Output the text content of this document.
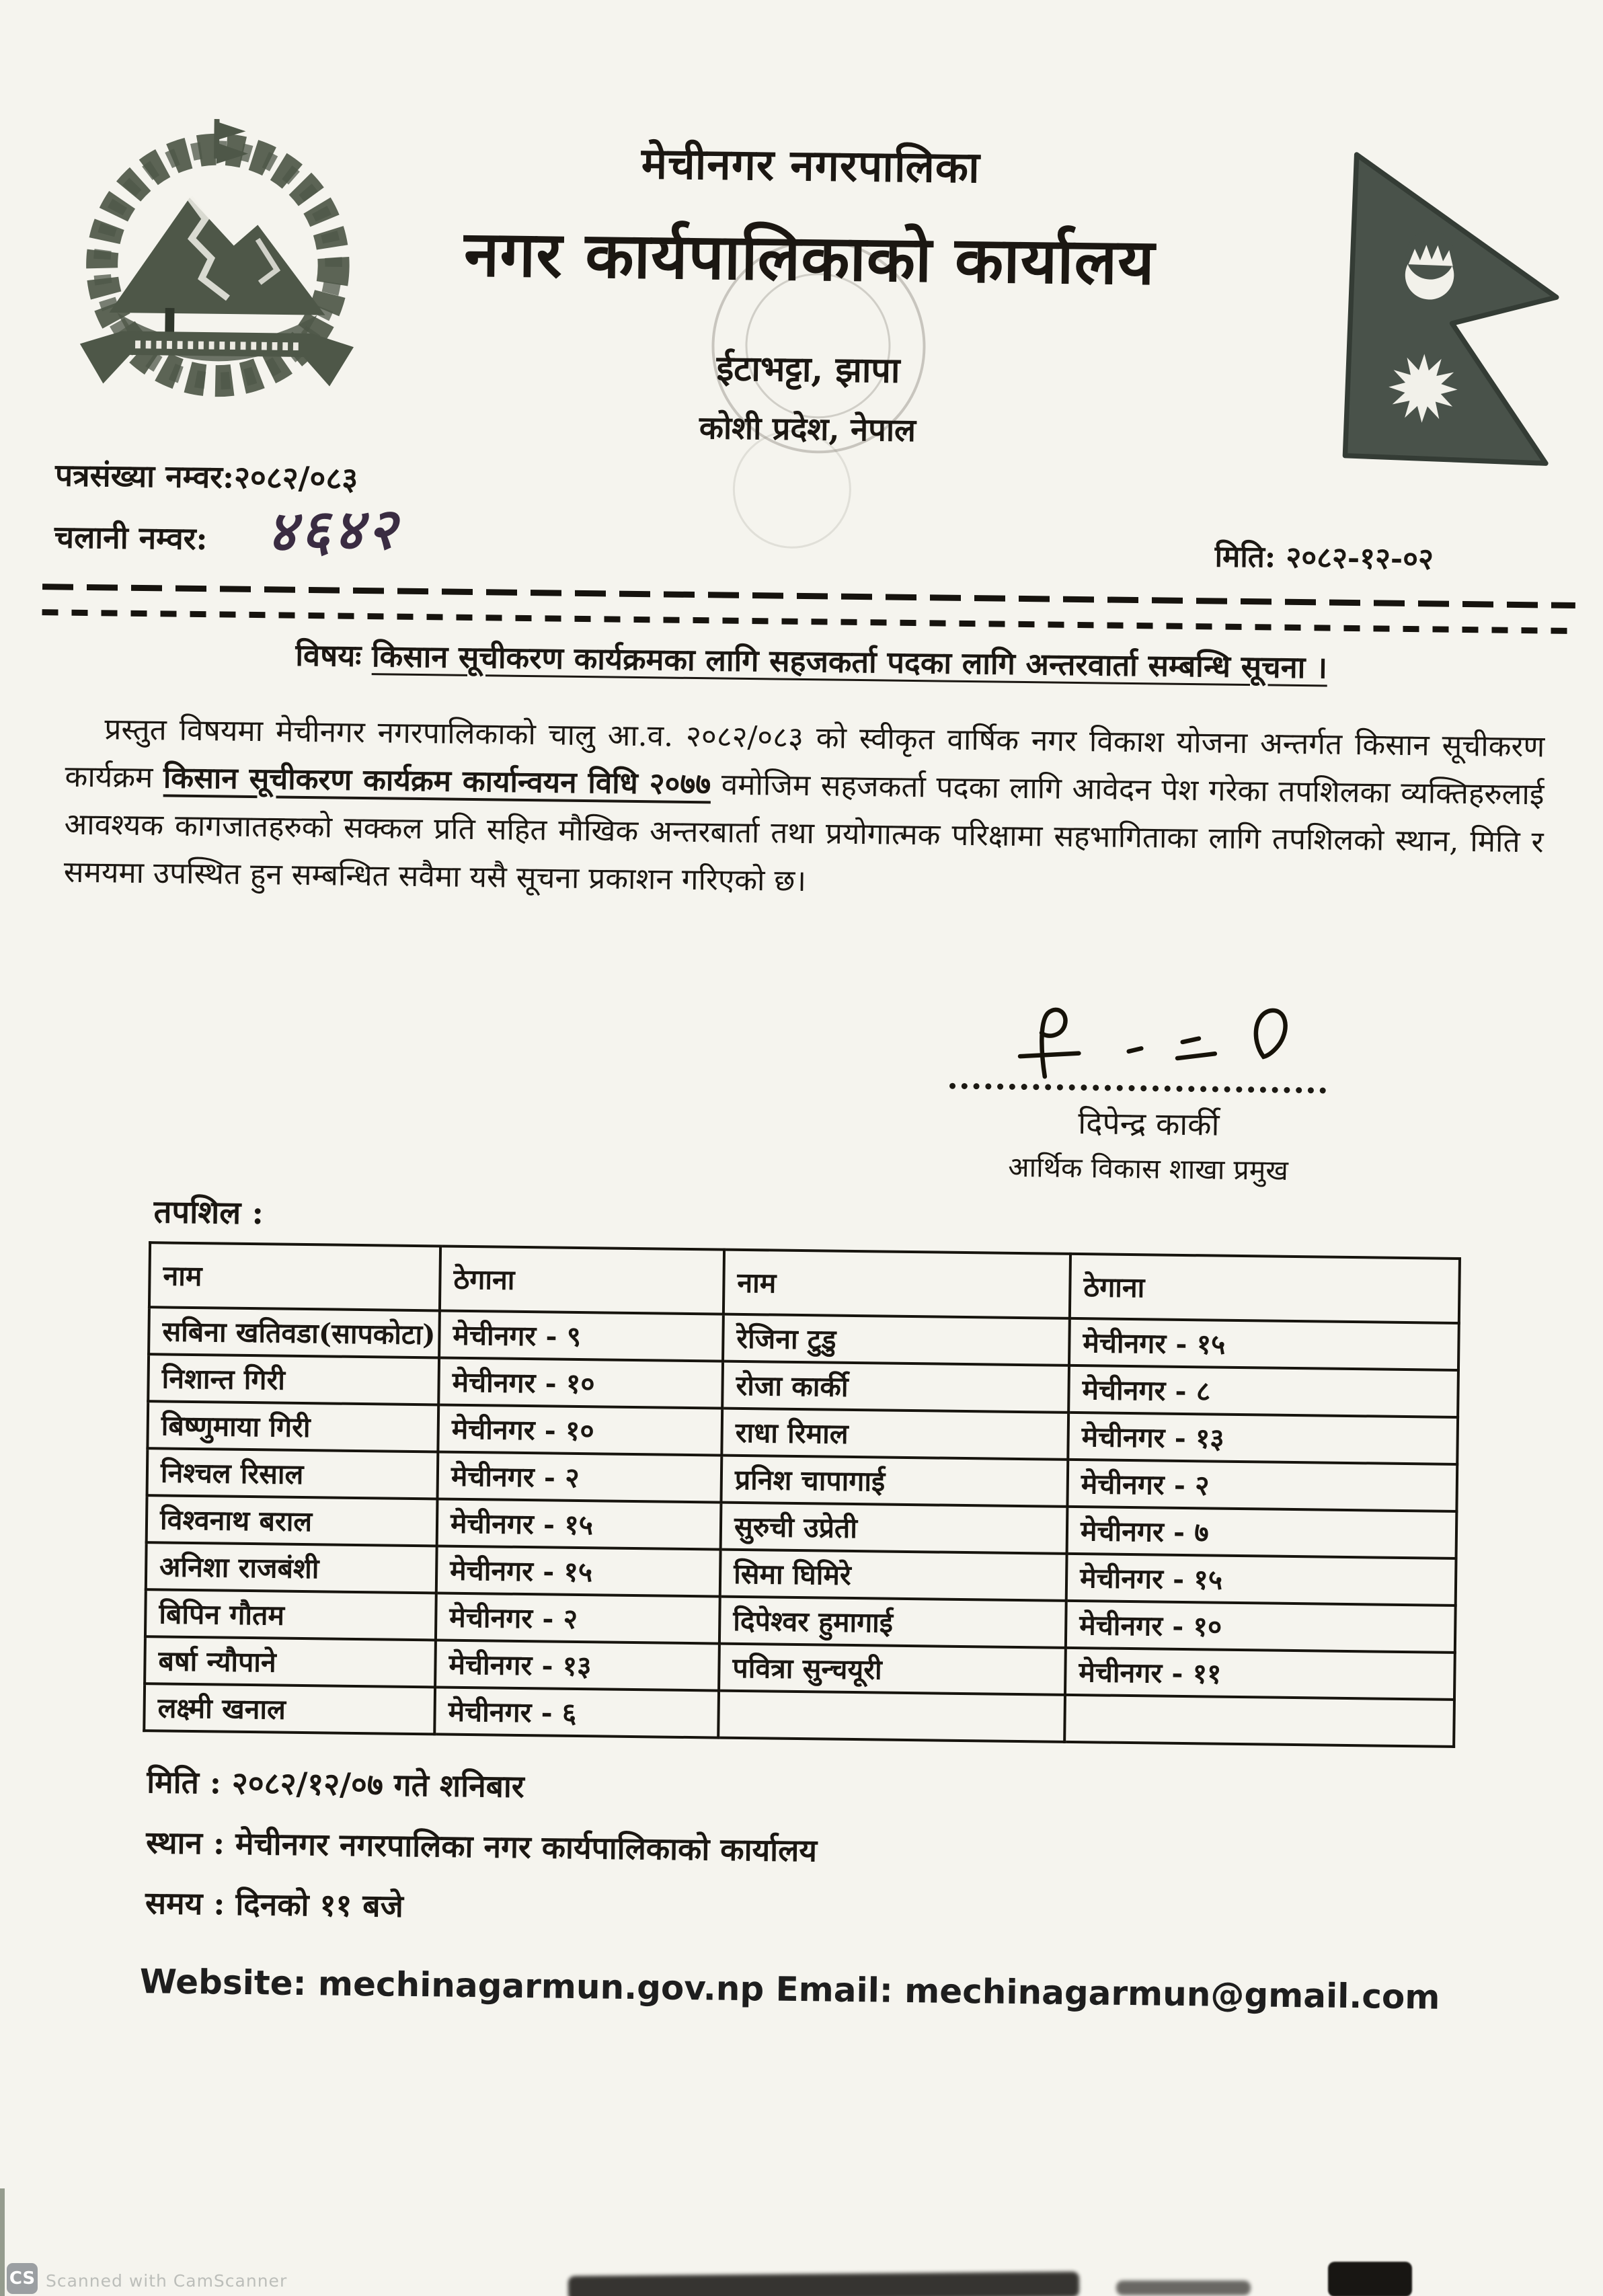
मेचीनगर नगरपालिका
नगर कार्यपालिकाको कार्यालय
ईटाभट्टा, झापा
कोशी प्रदेश, नेपाल
पत्रसंख्या नम्वर:२०८२/०८३
चलानी नम्वर: ४६४२	मिति: २०८२-१२-०२
विषयः किसान सूचीकरण कार्यक्रमका लागि सहजकर्ता पदका लागि अन्तरवार्ता सम्बन्धि सूचना ।
प्रस्तुत विषयमा मेचीनगर नगरपालिकाको चालु आ.व. २०८२/०८३ को स्वीकृत वार्षिक नगर विकाश योजना अन्तर्गत किसान सूचीकरण कार्यक्रम किसान सूचीकरण कार्यक्रम कार्यान्वयन विधि २०७७ वमोजिम सहजकर्ता पदका लागि आवेदन पेश गरेका तपशिलका व्यक्तिहरुलाई आवश्यक कागजातहरुको सक्कल प्रति सहित मौखिक अन्तरबार्ता तथा प्रयोगात्मक परिक्षामा सहभागिताका लागि तपशिलको स्थान, मिति र समयमा उपस्थित हुन सम्बन्धित सवैमा यसै सूचना प्रकाशन गरिएको छ।
दिपेन्द्र कार्की
आर्थिक विकास शाखा प्रमुख
तपशिल :
नाम	ठेगाना	नाम	ठेगाना
सबिना खतिवडा(सापकोटा)	मेचीनगर - ९	रेजिना टुडु	मेचीनगर - १५
निशान्त गिरी	मेचीनगर - १०	रोजा कार्की	मेचीनगर - ८
बिष्णुमाया गिरी	मेचीनगर - १०	राधा रिमाल	मेचीनगर - १३
निश्चल रिसाल	मेचीनगर - २	प्रनिश चापागाई	मेचीनगर - २
विश्वनाथ बराल	मेचीनगर - १५	सुरुची उप्रेती	मेचीनगर - ७
अनिशा राजबंशी	मेचीनगर - १५	सिमा घिमिरे	मेचीनगर - १५
बिपिन गौतम	मेचीनगर - २	दिपेश्वर हुमागाई	मेचीनगर - १०
बर्षा न्यौपाने	मेचीनगर - १३	पवित्रा सुन्चयूरी	मेचीनगर - ११
लक्ष्मी खनाल	मेचीनगर - ६		
मिति : २०८२/१२/०७ गते शनिबार
स्थान : मेचीनगर नगरपालिका नगर कार्यपालिकाको कार्यालय
समय : दिनको ११ बजे
Website: mechinagarmun.gov.np Email: mechinagarmun@gmail.com
CS Scanned with CamScanner
